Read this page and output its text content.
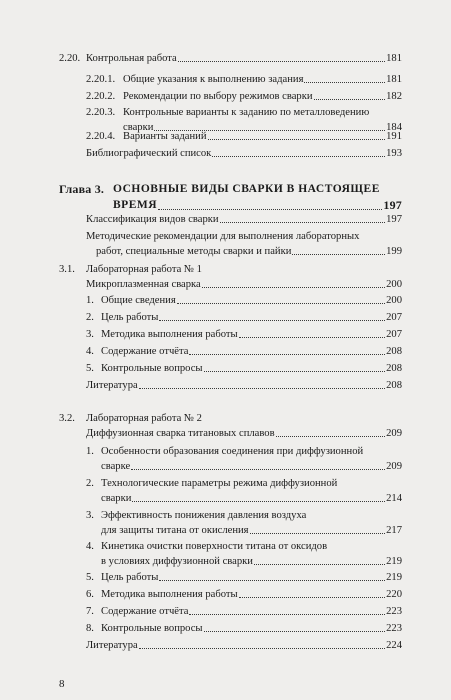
2.20. Контрольная работа	181
2.20.1. Общие указания к выполнению задания	181
2.20.2. Рекомендации по выбору режимов сварки	182
2.20.3. Контрольные варианты к заданию по металловедению
сварки	184
2.20.4. Варианты заданий	191
Библиографический список	193
Глава 3. ОСНОВНЫЕ ВИДЫ СВАРКИ В НАСТОЯЩЕЕ
ВРЕМЯ	197
Классификация видов сварки	197
Методические рекомендации для выполнения лабораторных
работ, специальные методы сварки и пайки	199
3.1. Лабораторная работа № 1
Микроплазменная сварка	200
1. Общие сведения	200
2. Цель работы	207
3. Методика выполнения работы	207
4. Содержание отчёта	208
5. Контрольные вопросы	208
Литература	208
3.2. Лабораторная работа № 2
Диффузионная сварка титановых сплавов	209
1. Особенности образования соединения при диффузионной
сварке	209
2. Технологические параметры режима диффузионной
сварки	214
3. Эффективность понижения давления воздуха
для защиты титана от окисления	217
4. Кинетика очистки поверхности титана от оксидов
в условиях диффузионной сварки	219
5. Цель работы	219
6. Методика выполнения работы	220
7. Содержание отчёта	223
8. Контрольные вопросы	223
Литература	224
8
